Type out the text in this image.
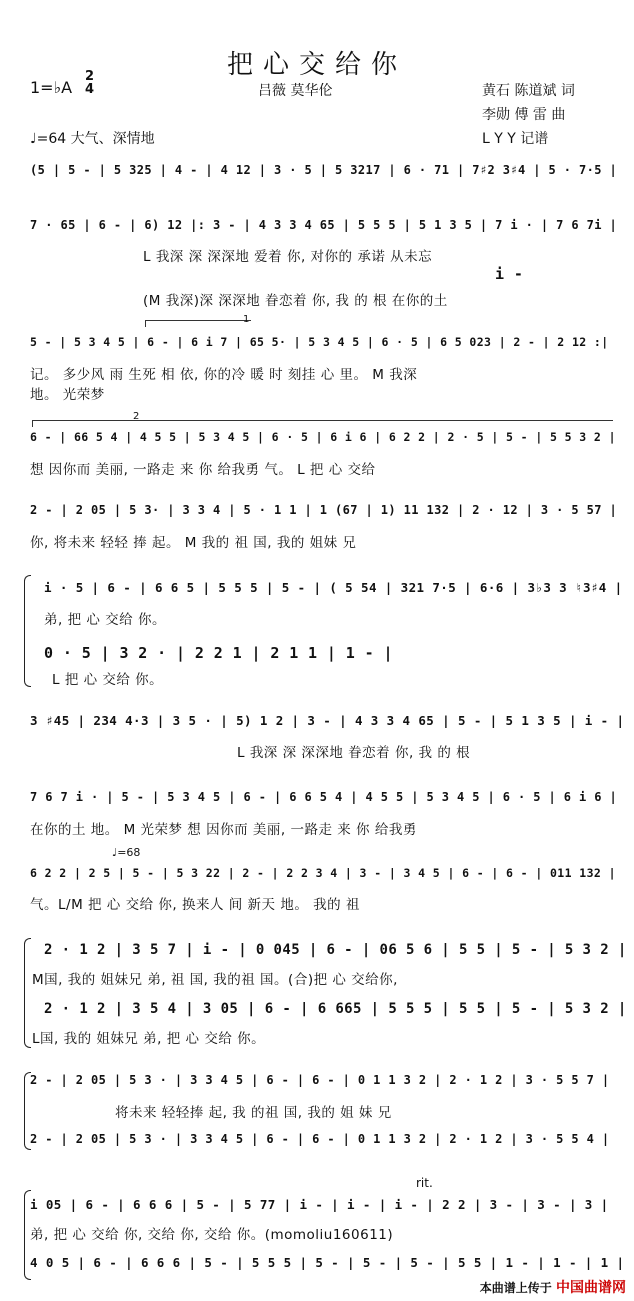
把心交给你
1=♭A
2
4	吕薇 莫华伦	黄石 陈道斌 词
李勋 傅 雷 曲
L Y Y 记谱
♩=64 大气、深情地
(5 | 5 - | 5 325 | 4 - | 4 12 | 3 · 5 | 5 3217 | 6 · 71 | 7♯2 3♯4 | 5 · 7·5 |
7 · 65 | 6 - | 6) 12 |: 3 - | 4 3 3 4 65 | 5 5 5 | 5 1 3 5 | 7 i · | 7 6 7i |
L 我深 深 深深地 爱着 你, 对你的 承诺 从未忘
i -
(M 我深)深 深深地 眷恋着 你, 我 的 根 在你的土
1
5 - | 5 3 4 5 | 6 - | 6 i 7 | 65 5· | 5 3 4 5 | 6 · 5 | 6 5 023 | 2 - | 2 12 :|
记。 多少风 雨 生死 相 依, 你的冷 暖 时 刻挂 心 里。 M 我深
地。 光荣梦
2
6 - | 66 5 4 | 4 5 5 | 5 3 4 5 | 6 · 5 | 6 i 6 | 6 2 2 | 2 · 5 | 5 - | 5 5 3 2 |
想 因你而 美丽, 一路走 来 你 给我勇 气。 L 把 心 交给
2 - | 2 05 | 5 3· | 3 3 4 | 5 · 1 1 | 1 (67 | 1) 11 132 | 2 · 12 | 3 · 5 57 |
你, 将未来 轻轻 捧 起。 M 我的 祖 国, 我的 姐妹 兄
i · 5 | 6 - | 6 6 5 | 5 5 5 | 5 - | ( 5 54 | 321 7·5 | 6·6 | 3♭3 3 ♮3♯4 |
弟, 把 心 交给 你。
0 · 5 | 3 2 · | 2 2 1 | 2 1 1 | 1 - |
L 把 心 交给 你。
3 ♯45 | 234 4·3 | 3 5 · | 5) 1 2 | 3 - | 4 3 3 4 65 | 5 - | 5 1 3 5 | i - |
L 我深 深 深深地 眷恋着 你, 我 的 根
7 6 7 i · | 5 - | 5 3 4 5 | 6 - | 6 6 5 4 | 4 5 5 | 5 3 4 5 | 6 · 5 | 6 i 6 |
在你的土 地。 M 光荣梦 想 因你而 美丽, 一路走 来 你 给我勇
♩=68
6 2 2 | 2 5 | 5 - | 5 3 22 | 2 - | 2 2 3 4 | 3 - | 3 4 5 | 6 - | 6 - | 011 132 |
气。L/M 把 心 交给 你, 换来人 间 新天 地。 我的 祖
2 · 1 2 | 3 5 7 | i - | 0 045 | 6 - | 06 5 6 | 5 5 | 5 - | 5 3 2 |
M国, 我的 姐妹兄 弟, 祖 国, 我的祖 国。(合)把 心 交给你,
2 · 1 2 | 3 5 4 | 3 05 | 6 - | 6 665 | 5 5 5 | 5 5 | 5 - | 5 3 2 |
L国, 我的 姐妹兄 弟, 把 心 交给 你。
2 - | 2 05 | 5 3 · | 3 3 4 5 | 6 - | 6 - | 0 1 1 3 2 | 2 · 1 2 | 3 · 5 5 7 |
将未来 轻轻捧 起, 我 的祖 国, 我的 姐 妹 兄
2 - | 2 05 | 5 3 · | 3 3 4 5 | 6 - | 6 - | 0 1 1 3 2 | 2 · 1 2 | 3 · 5 5 4 |
rit.
i 05 | 6 - | 6 6 6 | 5 - | 5 77 | i - | i - | i - | 2 2 | 3 - | 3 - | 3 |
弟, 把 心 交给 你, 交给 你, 交给 你。(momoliu160611)
4 0 5 | 6 - | 6 6 6 | 5 - | 5 5 5 | 5 - | 5 - | 5 - | 5 5 | 1 - | 1 - | 1 |
本曲谱上传于 中国曲谱网
